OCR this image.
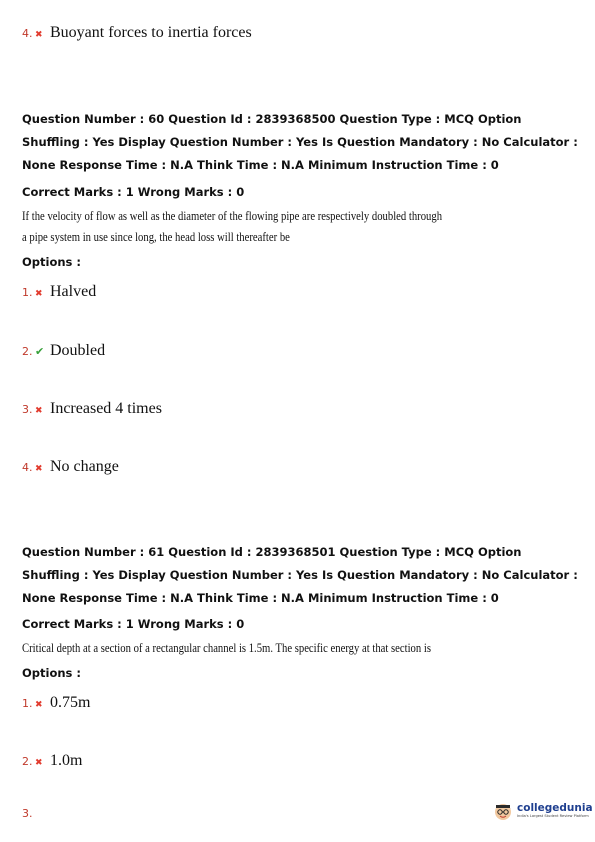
4. ✖ Buoyant forces to inertia forces
Question Number : 60 Question Id : 2839368500 Question Type : MCQ Option Shuffling : Yes Display Question Number : Yes Is Question Mandatory : No Calculator : None Response Time : N.A Think Time : N.A Minimum Instruction Time : 0
Correct Marks : 1 Wrong Marks : 0
If the velocity of flow as well as the diameter of the flowing pipe are respectively doubled through
a pipe system in use since long, the head loss will thereafter be
Options :
1. ✖ Halved
2. ✔ Doubled
3. ✖ Increased 4 times
4. ✖ No change
Question Number : 61 Question Id : 2839368501 Question Type : MCQ Option Shuffling : Yes Display Question Number : Yes Is Question Mandatory : No Calculator : None Response Time : N.A Think Time : N.A Minimum Instruction Time : 0
Correct Marks : 1 Wrong Marks : 0
Critical depth at a section of a rectangular channel is 1.5m. The specific energy at that section is
Options :
1. ✖ 0.75m
2. ✖ 1.0m
3.	collegedunia
India's Largest Student Review Platform
